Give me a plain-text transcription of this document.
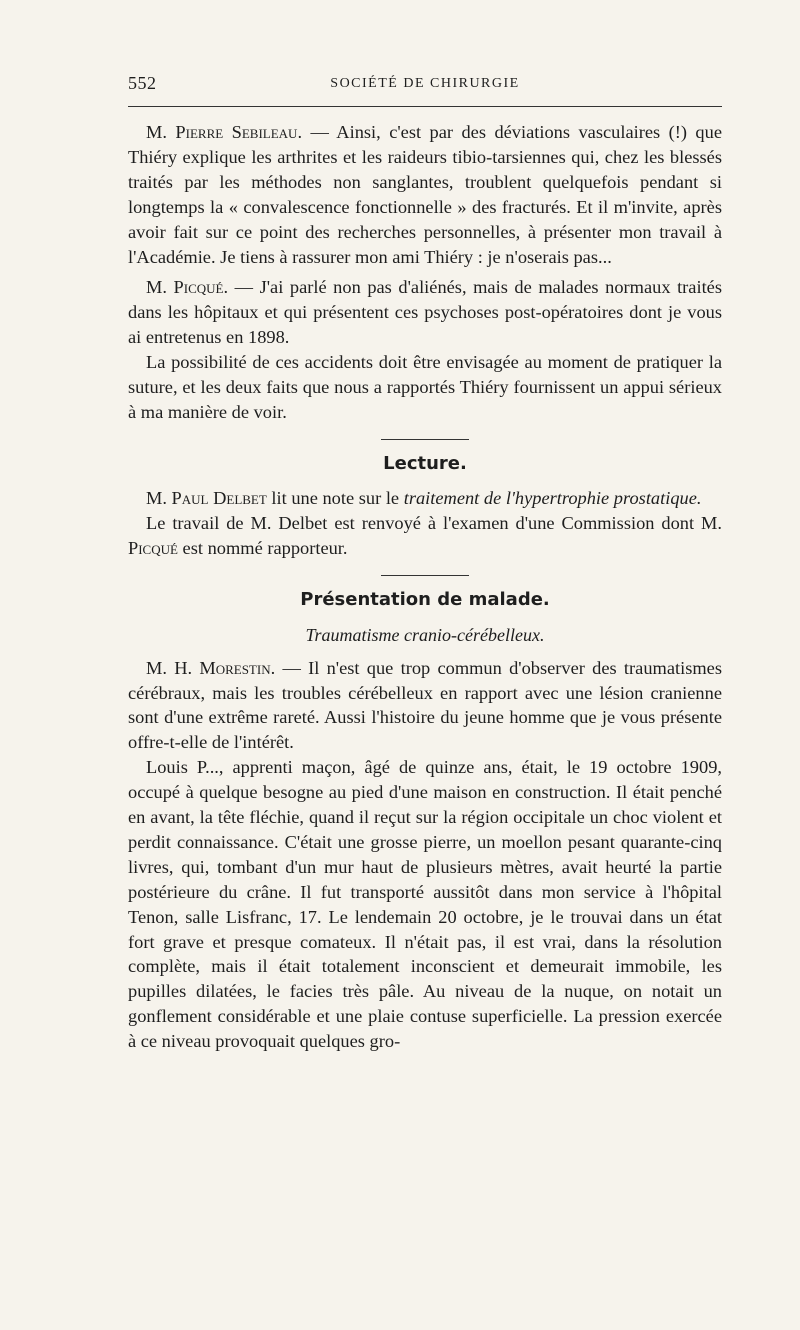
552	SOCIÉTÉ DE CHIRURGIE

M. Pierre Sebileau. — Ainsi, c'est par des déviations vasculaires (!) que Thiéry explique les arthrites et les raideurs tibio-tarsiennes qui, chez les blessés traités par les méthodes non sanglantes, troublent quelquefois pendant si longtemps la « convalescence fonctionnelle » des fracturés. Et il m'invite, après avoir fait sur ce point des recherches personnelles, à présenter mon travail à l'Académie. Je tiens à rassurer mon ami Thiéry : je n'oserais pas...

M. Picqué. — J'ai parlé non pas d'aliénés, mais de malades normaux traités dans les hôpitaux et qui présentent ces psychoses post-opératoires dont je vous ai entretenus en 1898.

La possibilité de ces accidents doit être envisagée au moment de pratiquer la suture, et les deux faits que nous a rapportés Thiéry fournissent un appui sérieux à ma manière de voir.

Lecture.

M. Paul Delbet lit une note sur le traitement de l'hypertrophie prostatique.

Le travail de M. Delbet est renvoyé à l'examen d'une Commission dont M. Picqué est nommé rapporteur.

Présentation de malade.
Traumatisme cranio-cérébelleux.

M. H. Morestin. — Il n'est que trop commun d'observer des traumatismes cérébraux, mais les troubles cérébelleux en rapport avec une lésion cranienne sont d'une extrême rareté. Aussi l'histoire du jeune homme que je vous présente offre-t-elle de l'intérêt.

Louis P..., apprenti maçon, âgé de quinze ans, était, le 19 octobre 1909, occupé à quelque besogne au pied d'une maison en construction. Il était penché en avant, la tête fléchie, quand il reçut sur la région occipitale un choc violent et perdit connaissance. C'était une grosse pierre, un moellon pesant quarante-cinq livres, qui, tombant d'un mur haut de plusieurs mètres, avait heurté la partie postérieure du crâne. Il fut transporté aussitôt dans mon service à l'hôpital Tenon, salle Lisfranc, 17. Le lendemain 20 octobre, je le trouvai dans un état fort grave et presque comateux. Il n'était pas, il est vrai, dans la résolution complète, mais il était totalement inconscient et demeurait immobile, les pupilles dilatées, le facies très pâle. Au niveau de la nuque, on notait un gonflement considérable et une plaie contuse superficielle. La pression exercée à ce niveau provoquait quelques gro-
